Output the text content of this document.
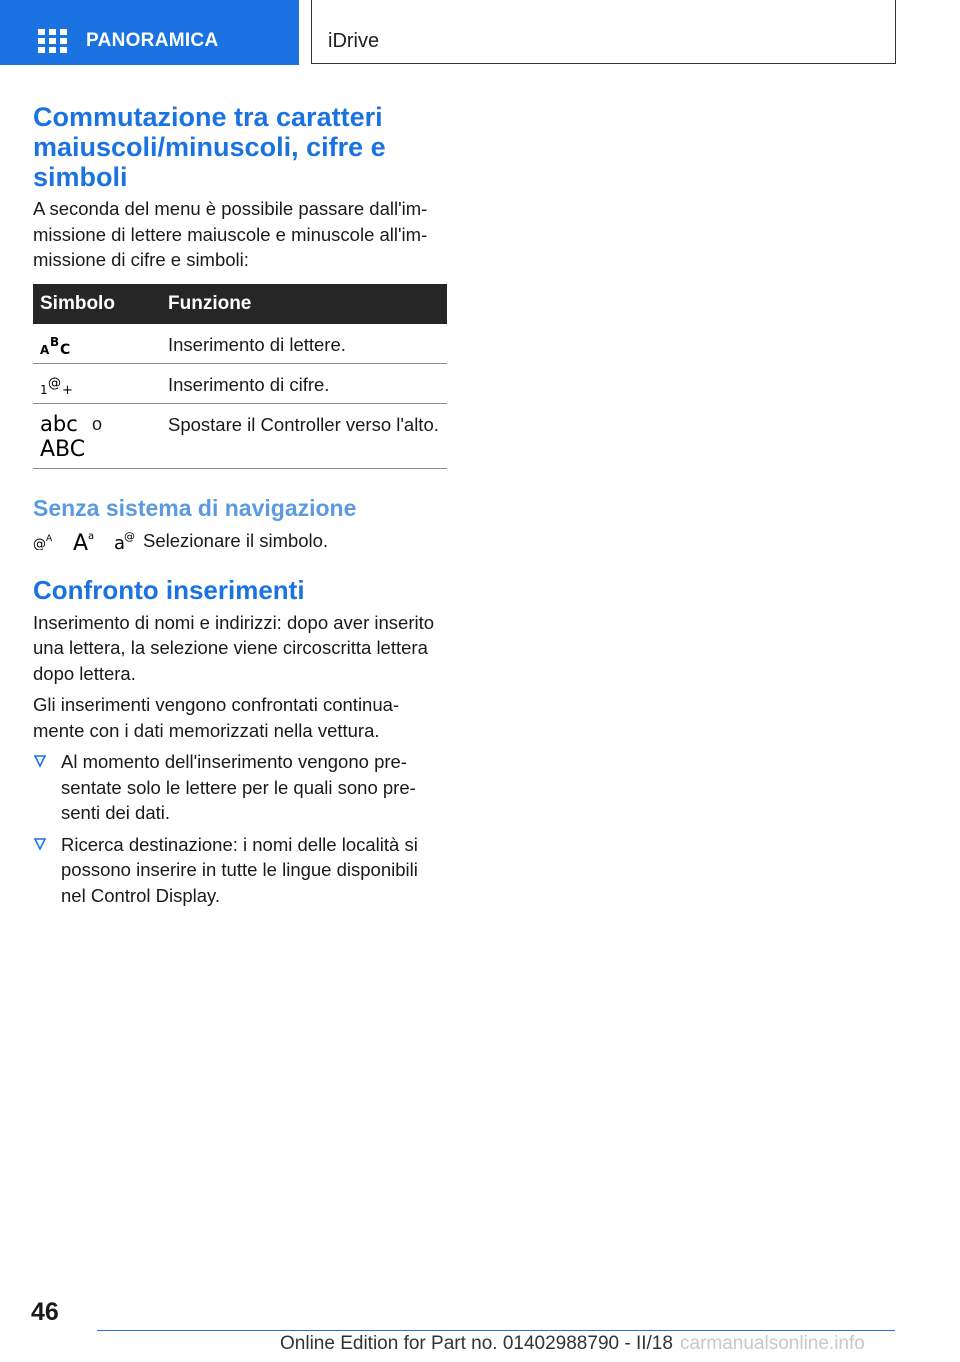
PANORAMICA	iDrive
Commutazione tra caratteri maiuscoli/minuscoli, cifre e simboli

A seconda del menu è possibile passare dall'im-missione di lettere maiuscole e minuscole all'im-missione di cifre e simboli:

Simbolo	Funzione

A
B C	Inserimento di lettere.

1 @ +	Inserimento di cifre.

abc
ABC
o	Spostare il Controller verso l'alto.
Senza sistema di navigazione
@ A A a a
@ Selezionare il simbolo.
Confronto inserimenti

Inserimento di nomi e indirizzi: dopo aver inserito una lettera, la selezione viene circoscritta lettera dopo lettera.

Gli inserimenti vengono confrontati continua-mente con i dati memorizzati nella vettura.

Al momento dell'inserimento vengono pre-sentate solo le lettere per le quali sono pre-senti dei dati.

Ricerca destinazione: i nomi delle località si possono inserire in tutte le lingue disponibili nel Control Display.

46
Online Edition for Part no. 01402988790 - II/18 carmanualsonline.info
